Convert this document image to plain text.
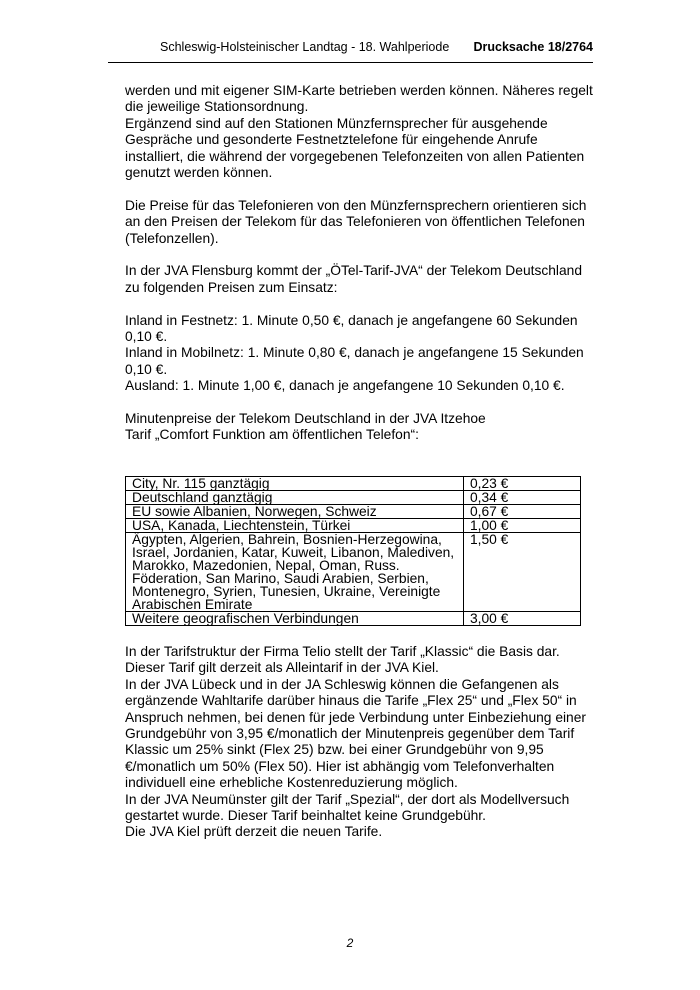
Schleswig-Holsteinischer Landtag - 18. Wahlperiode Drucksache 18/2764

werden und mit eigener SIM-Karte betrieben werden können. Näheres regelt die jeweilige Stationsordnung.

Ergänzend sind auf den Stationen Münzfernsprecher für ausgehende Gespräche und gesonderte Festnetztelefone für eingehende Anrufe installiert, die während der vorgegebenen Telefonzeiten von allen Patienten genutzt werden können.

Die Preise für das Telefonieren von den Münzfernsprechern orientieren sich an den Preisen der Telekom für das Telefonieren von öffentlichen Telefonen (Telefonzellen).

In der JVA Flensburg kommt der „ÖTel-Tarif-JVA“ der Telekom Deutschland zu folgenden Preisen zum Einsatz:

Inland in Festnetz: 1. Minute 0,50 €, danach je angefangene 60 Sekunden 0,10 €.

Inland in Mobilnetz: 1. Minute 0,80 €, danach je angefangene 15 Sekunden 0,10 €.

Ausland: 1. Minute 1,00 €, danach je angefangene 10 Sekunden 0,10 €.

Minutenpreise der Telekom Deutschland in der JVA Itzehoe

Tarif „Comfort Funktion am öffentlichen Telefon“:

City, Nr. 115 ganztägig	0,23 €
Deutschland ganztägig	0,34 €
EU sowie Albanien, Norwegen, Schweiz	0,67 €
USA, Kanada, Liechtenstein, Türkei	1,00 €
Ägypten, Algerien, Bahrein, Bosnien-Herzegowina, Israel, Jordanien, Katar, Kuweit, Libanon, Malediven, Marokko, Mazedonien, Nepal, Oman, Russ. Föderation, San Marino, Saudi Arabien, Serbien, Montenegro, Syrien, Tunesien, Ukraine, Vereinigte Arabischen Emirate	1,50 €
Weitere geografischen Verbindungen	3,00 €

In der Tarifstruktur der Firma Telio stellt der Tarif „Klassic“ die Basis dar.

Dieser Tarif gilt derzeit als Alleintarif in der JVA Kiel.

In der JVA Lübeck und in der JA Schleswig können die Gefangenen als ergänzende Wahltarife darüber hinaus die Tarife „Flex 25“ und „Flex 50“ in Anspruch nehmen, bei denen für jede Verbindung unter Einbeziehung einer Grundgebühr von 3,95 €/monatlich der Minutenpreis gegenüber dem Tarif Klassic um 25% sinkt (Flex 25) bzw. bei einer Grundgebühr von 9,95 €/monatlich um 50% (Flex 50). Hier ist abhängig vom Telefonverhalten individuell eine erhebliche Kostenreduzierung möglich.

In der JVA Neumünster gilt der Tarif „Spezial“, der dort als Modellversuch gestartet wurde. Dieser Tarif beinhaltet keine Grundgebühr.

Die JVA Kiel prüft derzeit die neuen Tarife.

2
